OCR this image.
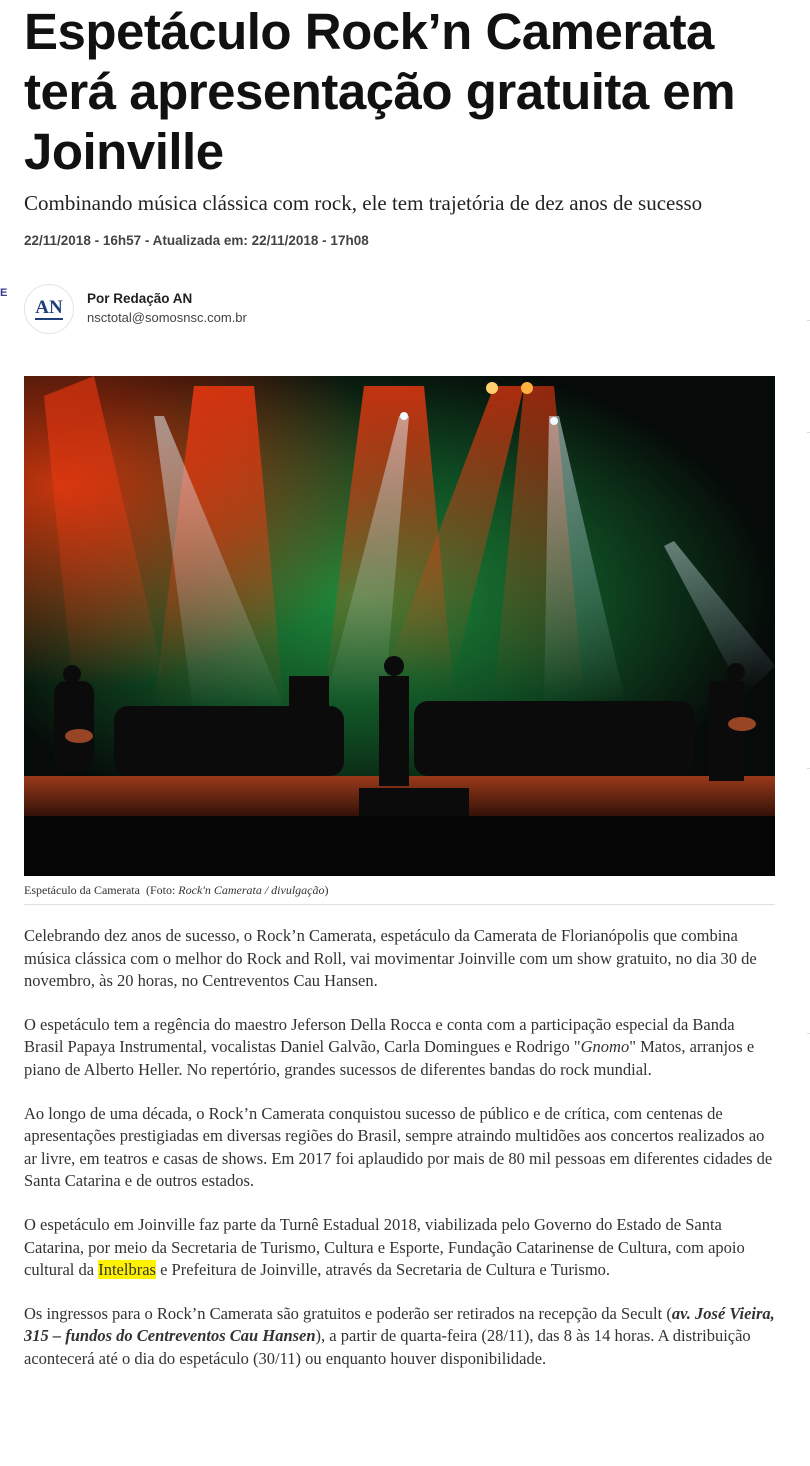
Espetáculo Rock’n Camerata terá apresentação gratuita em Joinville

Combinando música clássica com rock, ele tem trajetória de dez anos de sucesso

22/11/2018 - 16h57 - Atualizada em: 22/11/2018 - 17h08

E
AN Por Redação AN
nsctotal@somosnsc.com.br
Espetáculo da Camerata (Foto: Rock'n Camerata / divulgação)

Celebrando dez anos de sucesso, o Rock’n Camerata, espetáculo da Camerata de Florianópolis que combina música clássica com o melhor do Rock and Roll, vai movimentar Joinville com um show gratuito, no dia 30 de novembro, às 20 horas, no Centreventos Cau Hansen.

O espetáculo tem a regência do maestro Jeferson Della Rocca e conta com a participação especial da Banda Brasil Papaya Instrumental, vocalistas Daniel Galvão, Carla Domingues e Rodrigo "Gnomo" Matos, arranjos e piano de Alberto Heller. No repertório, grandes sucessos de diferentes bandas do rock mundial.

Ao longo de uma década, o Rock’n Camerata conquistou sucesso de público e de crítica, com centenas de apresentações prestigiadas em diversas regiões do Brasil, sempre atraindo multidões aos concertos realizados ao ar livre, em teatros e casas de shows. Em 2017 foi aplaudido por mais de 80 mil pessoas em diferentes cidades de Santa Catarina e de outros estados.

O espetáculo em Joinville faz parte da Turnê Estadual 2018, viabilizada pelo Governo do Estado de Santa Catarina, por meio da Secretaria de Turismo, Cultura e Esporte, Fundação Catarinense de Cultura, com apoio cultural da Intelbras e Prefeitura de Joinville, através da Secretaria de Cultura e Turismo.

Os ingressos para o Rock’n Camerata são gratuitos e poderão ser retirados na recepção da Secult (av. José Vieira, 315 – fundos do Centreventos Cau Hansen), a partir de quarta-feira (28/11), das 8 às 14 horas. A distribuição acontecerá até o dia do espetáculo (30/11) ou enquanto houver disponibilidade.
